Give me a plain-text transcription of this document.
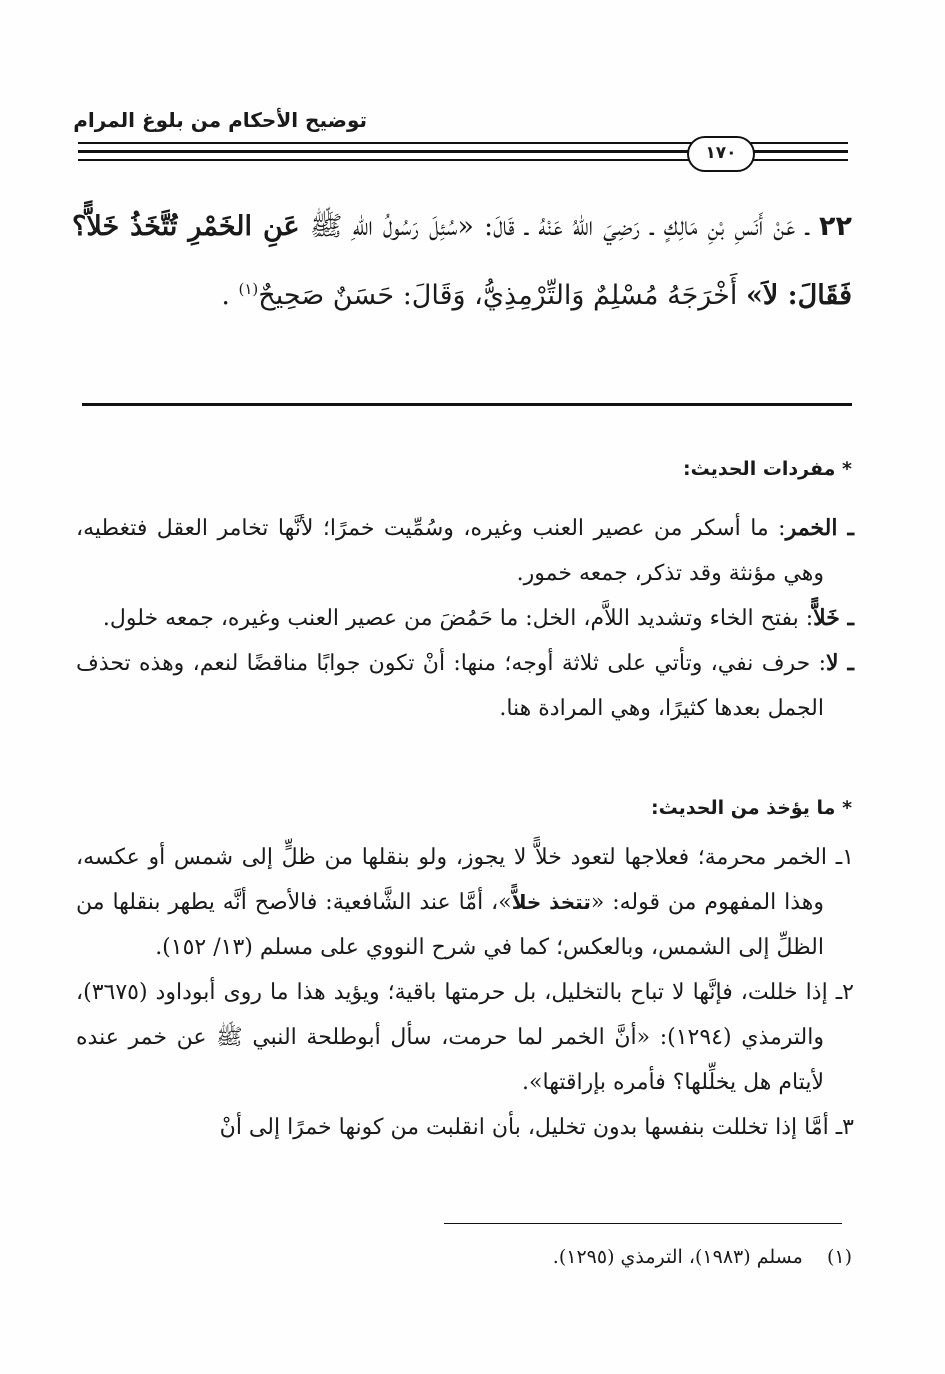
توضيح الأحكام من بلوغ المرام
١٧٠
٢٢ ـ عَنْ أَنَسِ بْنِ مَالِكٍ ـ رَضِيَ اللهُ عَنْهُ ـ قَالَ: «سُئِلَ رَسُولُ اللهِ ﷺ عَنِ الخَمْرِ تُتَّخَذُ خَلاًّ؟ فَقَالَ: لاَ» أَخْرَجَهُ مُسْلِمٌ وَالتِّرْمِذِيُّ، وَقَالَ: حَسَنٌ صَحِيحٌ$^{(١)}$ .
* مفردات الحديث:

ـ الخمر: ما أسكر من عصير العنب وغيره، وسُمِّيت خمرًا؛ لأنَّها تخامر العقل فتغطيه، وهي مؤنثة وقد تذكر، جمعه خمور.

ـ خَلاًّ: بفتح الخاء وتشديد اللاَّم، الخل: ما حَمُضَ من عصير العنب وغيره، جمعه خلول.

ـ لا: حرف نفي، وتأتي على ثلاثة أوجه؛ منها: أنْ تكون جوابًا مناقضًا لنعم، وهذه تحذف الجمل بعدها كثيرًا، وهي المرادة هنا.

* ما يؤخذ من الحديث:

١ـ الخمر محرمة؛ فعلاجها لتعود خلاًّ لا يجوز، ولو بنقلها من ظلٍّ إلى شمس أو عكسه، وهذا المفهوم من قوله: «تتخذ خلاًّ»، أمَّا عند الشَّافعية: فالأصح أنَّه يطهر بنقلها من الظلِّ إلى الشمس، وبالعكس؛ كما في شرح النووي على مسلم (١٣/ ١٥٢).

٢ـ إذا خللت، فإنَّها لا تباح بالتخليل، بل حرمتها باقية؛ ويؤيد هذا ما روى أبوداود (٣٦٧٥)، والترمذي (١٢٩٤): «أنَّ الخمر لما حرمت، سأل أبوطلحة النبي ﷺ عن خمر عنده لأيتام هل يخلِّلها؟ فأمره بإراقتها».

٣ـ أمَّا إذا تخللت بنفسها بدون تخليل، بأن انقلبت من كونها خمرًا إلى أنْ

(١)    مسلم (١٩٨٣)، الترمذي (١٢٩٥).
